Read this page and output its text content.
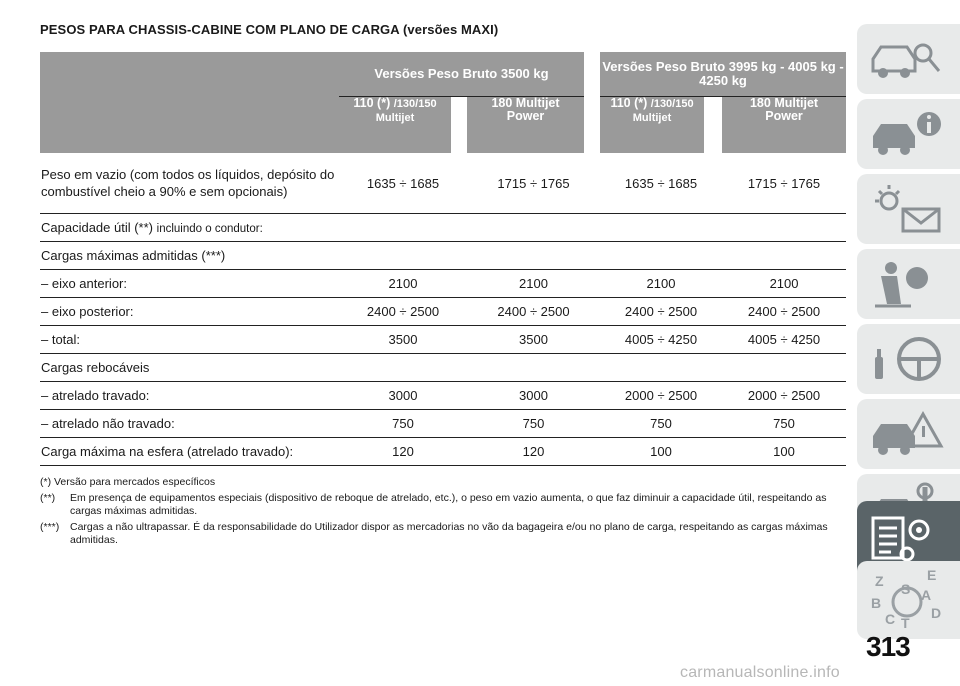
PESOS PARA CHASSIS-CABINE COM PLANO DE CARGA (versões MAXI)
	Versões Peso Bruto 3500 kg				Versões Peso Bruto 3995 kg - 4005 kg - 4250 kg		
	110 (*) /130/150
Multijet		180 Multijet
Power		110 (*) /130/150
Multijet		180 Multijet
Power
Peso em vazio (com todos os líquidos, depósito do combustível cheio a 90% e sem opcionais)	1635 ÷ 1685		1715 ÷ 1765		1635 ÷ 1685		1715 ÷ 1765
Capacidade útil (**) incluindo o condutor:							
Cargas máximas admitidas (***)							
– eixo anterior:	2100		2100		2100		2100
– eixo posterior:	2400 ÷ 2500		2400 ÷ 2500		2400 ÷ 2500		2400 ÷ 2500
– total:	3500		3500		4005 ÷ 4250		4005 ÷ 4250
Cargas rebocáveis							
– atrelado travado:	3000		3000		2000 ÷ 2500		2000 ÷ 2500
– atrelado não travado:	750		750		750		750
Carga máxima na esfera (atrelado travado):	120		120		100		100
(*) Versão para mercados específicos
(**) Em presença de equipamentos especiais (dispositivo de reboque de atrelado, etc.), o peso em vazio aumenta, o que faz diminuir a capacidade útil, respeitando as cargas máximas admitidas.
(***) Cargas a não ultrapassar. É da responsabilidade do Utilizador dispor as mercadorias no vão da bagageira e/ou no plano de carga, respeitando as cargas máximas admitidas.
Z	E
B	A
C T
D
S
313
carmanualsonline.info
